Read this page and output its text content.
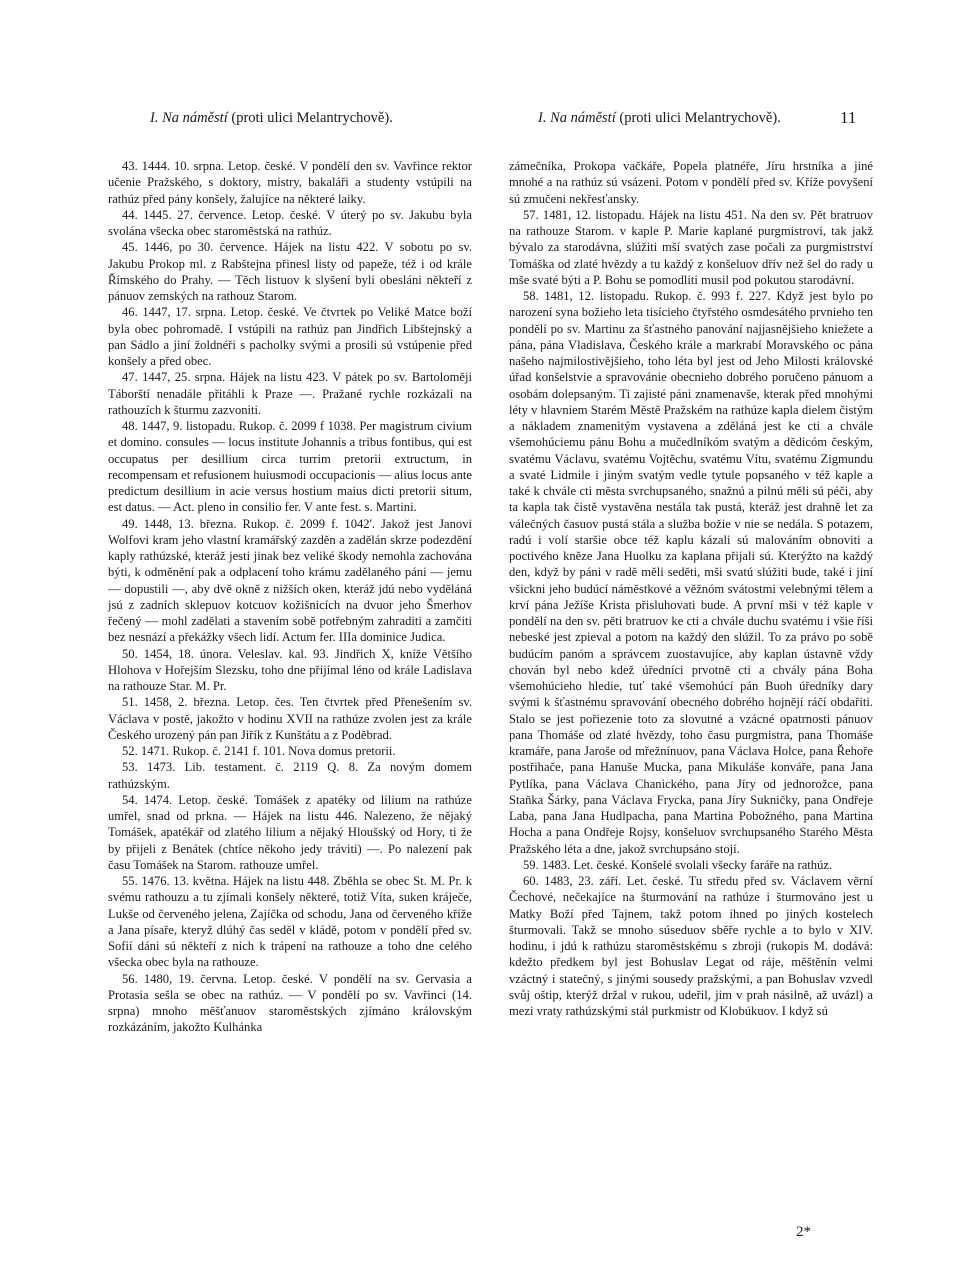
I. Na náměstí (proti ulici Melantrychově).	I. Na náměstí (proti ulici Melantrychově).	11

43. 1444. 10. srpna. Letop. české. V pondělí den sv. Vavřince rektor učenie Pražského, s doktory, mistry, bakaláři a studenty vstúpili na rathúz před pány konšely, žalujíce na některé laiky.

44. 1445. 27. července. Letop. české. V úterý po sv. Jakubu byla svolána všecka obec staroměstská na rathúz.

45. 1446, po 30. července. Hájek na listu 422. V sobotu po sv. Jakubu Prokop ml. z Rabštejna přinesl listy od papeže, též i od krále Římského do Prahy. — Těch listuov k slyšení byli obesláni někteří z pánuov zemských na rathouz Starom.

46. 1447, 17. srpna. Letop. české. Ve čtvrtek po Veliké Matce boží byla obec pohromadě. I vstúpili na rathúz pan Jindřich Libštejnský a pan Sádlo a jiní žoldnéři s pacholky svými a prosili sú vstúpenie před konšely a před obec.

47. 1447, 25. srpna. Hájek na listu 423. V pátek po sv. Bartoloměji Táborští nenadále přitáhli k Praze —. Pražané rychle rozkázali na rathouzích k šturmu zazvoniti.

48. 1447, 9. listopadu. Rukop. č. 2099 f 1038. Per magistrum civium et domino. consules — locus institute Johannis a tribus fontibus, qui est occupatus per desillium circa turrim pretorii extructum, in recompensam et refusionem huiusmodi occupacionis — alius locus ante predictum desillium in acie versus hostium maius dicti pretorii situm, est datus. — Act. pleno in consilio fer. V ante fest. s. Martini.

49. 1448, 13. března. Rukop. č. 2099 f. 1042'. Jakož jest Janovi Wolfovi kram jeho vlastní kramářský zazděn a zadělán skrze podezdění kaply rathúzské, kteráž jesti jinak bez veliké škody nemohla zachována býti, k odměnění pak a odplacení toho krámu zadělaného páni — jemu — dopustili —, aby dvě okně z nižších oken, kteráž jdú nebo vyděláná jsú z zadních sklepuov kotcuov kožišnicích na dvuor jeho Šmerhov řečený — mohl zadělati a stavením sobě potřebným zahraditi a zamčiti bez nesnází a překážky všech lidí. Actum fer. IIIa dominice Judica.

50. 1454, 18. února. Veleslav. kal. 93. Jindřich X, kníže Většího Hlohova v Hořejším Slezsku, toho dne přijímal léno od krále Ladislava na rathouze Star. M. Pr.

51. 1458, 2. března. Letop. čes. Ten čtvrtek před Přenešením sv. Václava v postě, jakožto v hodinu XVII na rathúze zvolen jest za krále Českého urozený pán pan Jiřík z Kunštátu a z Poděbrad.

52. 1471. Rukop. č. 2141 f. 101. Nova domus pretorii.

53. 1473. Lib. testament. č. 2119 Q. 8. Za novým domem rathúzským.

54. 1474. Letop. české. Tomášek z apatéky od lilium na rathúze umřel, snad od prkna. — Hájek na listu 446. Nalezeno, že nějaký Tomášek, apatékář od zlatého lilium a nějaký Hloušský od Hory, ti že by přijeli z Benátek (chtíce někoho jedy tráviti) —. Po nalezení pak času Tomášek na Starom. rathouze umřel.

55. 1476. 13. května. Hájek na listu 448. Zběhla se obec St. M. Pr. k svému rathouzu a tu zjímali konšely některé, totiž Víta, suken kráječe, Lukše od červeného jelena, Zajíčka od schodu, Jana od červeného kříže a Jana písaře, kteryž dlúhý čas seděl v kládě, potom v pondělí před sv. Sofií dáni sú někteří z nich k trápení na rathouze a toho dne celého všecka obec byla na rathouze.

56. 1480, 19. června. Letop. české. V pondělí na sv. Gervasia a Protasia sešla se obec na rathúz. — V pondělí po sv. Vavřinci (14. srpna) mnoho měšťanuov staroměstských zjímáno královským rozkázáním, jakožto Kulhánka

zámečníka, Prokopa vačkáře, Popela platnéře, Jíru hrstníka a jiné mnohé a na rathúz sú vsázeni. Potom v pondělí před sv. Kříže povyšení sú zmučeni nekřesťansky.

57. 1481, 12. listopadu. Hájek na listu 451. Na den sv. Pět bratruov na rathouze Starom. v kaple P. Marie kaplané purgmistrovi, tak jakž bývalo za starodávna, slúžiti mší svatých zase počali za purgmistrství Tomáška od zlaté hvězdy a tu každý z konšeluov dřív než šel do rady u mše svaté býti a P. Bohu se pomodliti musil pod pokutou starodávní.

58. 1481, 12. listopadu. Rukop. č. 993 f. 227. Když jest bylo po narození syna božieho leta tisícieho čtyřstého osmdesátého prvnieho ten pondělí po sv. Martinu za šťastného panování najjasnějšieho kniežete a pána, pána Vladislava, Českého krále a markrabí Moravského oc pána našeho najmilostivějšieho, toho léta byl jest od Jeho Milosti královské úřad konšelstvie a spravovánie obecnieho dobrého poručeno pánuom a osobám dolepsaným. Ti zajisté páni znamenavše, kterak před mnohými léty v hlavniem Starém Městě Pražském na rathúze kapla dielem čistým a nákladem znamenitým vystavena a zděláná jest ke cti a chvále všemohúciemu pánu Bohu a mučedlníkóm svatým a dědicóm českým, svatému Václavu, svatému Vojtěchu, svatému Vítu, svatému Zigmundu a svaté Lidmile i jiným svatým vedle tytule popsaného v též kaple a také k chvále cti města svrchupsaného, snažnú a pilnú měli sú péči, aby ta kapla tak čistě vystavěna nestála tak pustá, kteráž jest drahně let za válečných časuov pustá stála a služba božie v nie se nedála. S potazem, radú i volí staršie obce též kaplu kázali sú malováním obnoviti a poctivého kněze Jana Huolku za kaplana přijali sú. Kterýžto na každý den, když by páni v radě měli seděti, mši svatú slúžiti bude, také i jiní všickni jeho budúcí náměstkové a věžnóm svátostmi velebnými tělem a krví pána Ježíše Krista přisluhovati bude. A první mši v též kaple v pondělí na den sv. pěti bratruov ke cti a chvále duchu svatému i všie říši nebeské jest zpieval a potom na každý den slúžil. To za právo po sobě budúcím panóm a správcem zuostavujíce, aby kaplan ústavně vždy chován byl nebo kdež úředníci prvotně cti a chvály pána Boha všemohúcieho hledie, tuť také všemohúcí pán Buoh úředníky dary svými k šťastnému spravování obecného dobrého hojnějí ráčí obdařiti. Stalo se jest pořiezenie toto za slovutné a vzácné opatrnosti pánuov pana Thomáše od zlaté hvězdy, toho času purgmistra, pana Thomáše kramáře, pana Jaroše od mřežnínuov, pana Václava Holce, pana Řehoře postřihače, pana Hanuše Mucka, pana Mikuláše konváře, pana Jana Pytlíka, pana Václava Chanického, pana Jíry od jednorožce, pana Staňka Šárky, pana Václava Frycka, pana Jíry Sukničky, pana Ondřeje Laba, pana Jana Hudlpacha, pana Martina Pobožného, pana Martina Hocha a pana Ondřeje Rojsy, konšeluov svrchupsaného Starého Města Pražského léta a dne, jakož svrchupsáno stojí.

59. 1483. Let. české. Konšelé svolali všecky faráře na rathúz.

60. 1483, 23. září. Let. české. Tu středu před sv. Václavem věrní Čechové, nečekajíce na šturmování na rathúze i šturmováno jest u Matky Boží před Tajnem, takž potom ihned po jiných kostelech šturmovali. Takž se mnoho súseduov sběře rychle a to bylo v XIV. hodinu, i jdú k rathúzu staroměstskému s zbroji (rukopis M. dodává: kdežto předkem byl jest Bohuslav Legat od ráje, měštěnín velmi vzáctný i statečný, s jinými sousedy pražskými, a pan Bohuslav vzvedl svůj oštip, kterýž držal v rukou, udeřil, jim v prah násilně, až uvázl) a mezi vraty rathúzskými stál purkmistr od Klobúkuov. I když sú

2*
